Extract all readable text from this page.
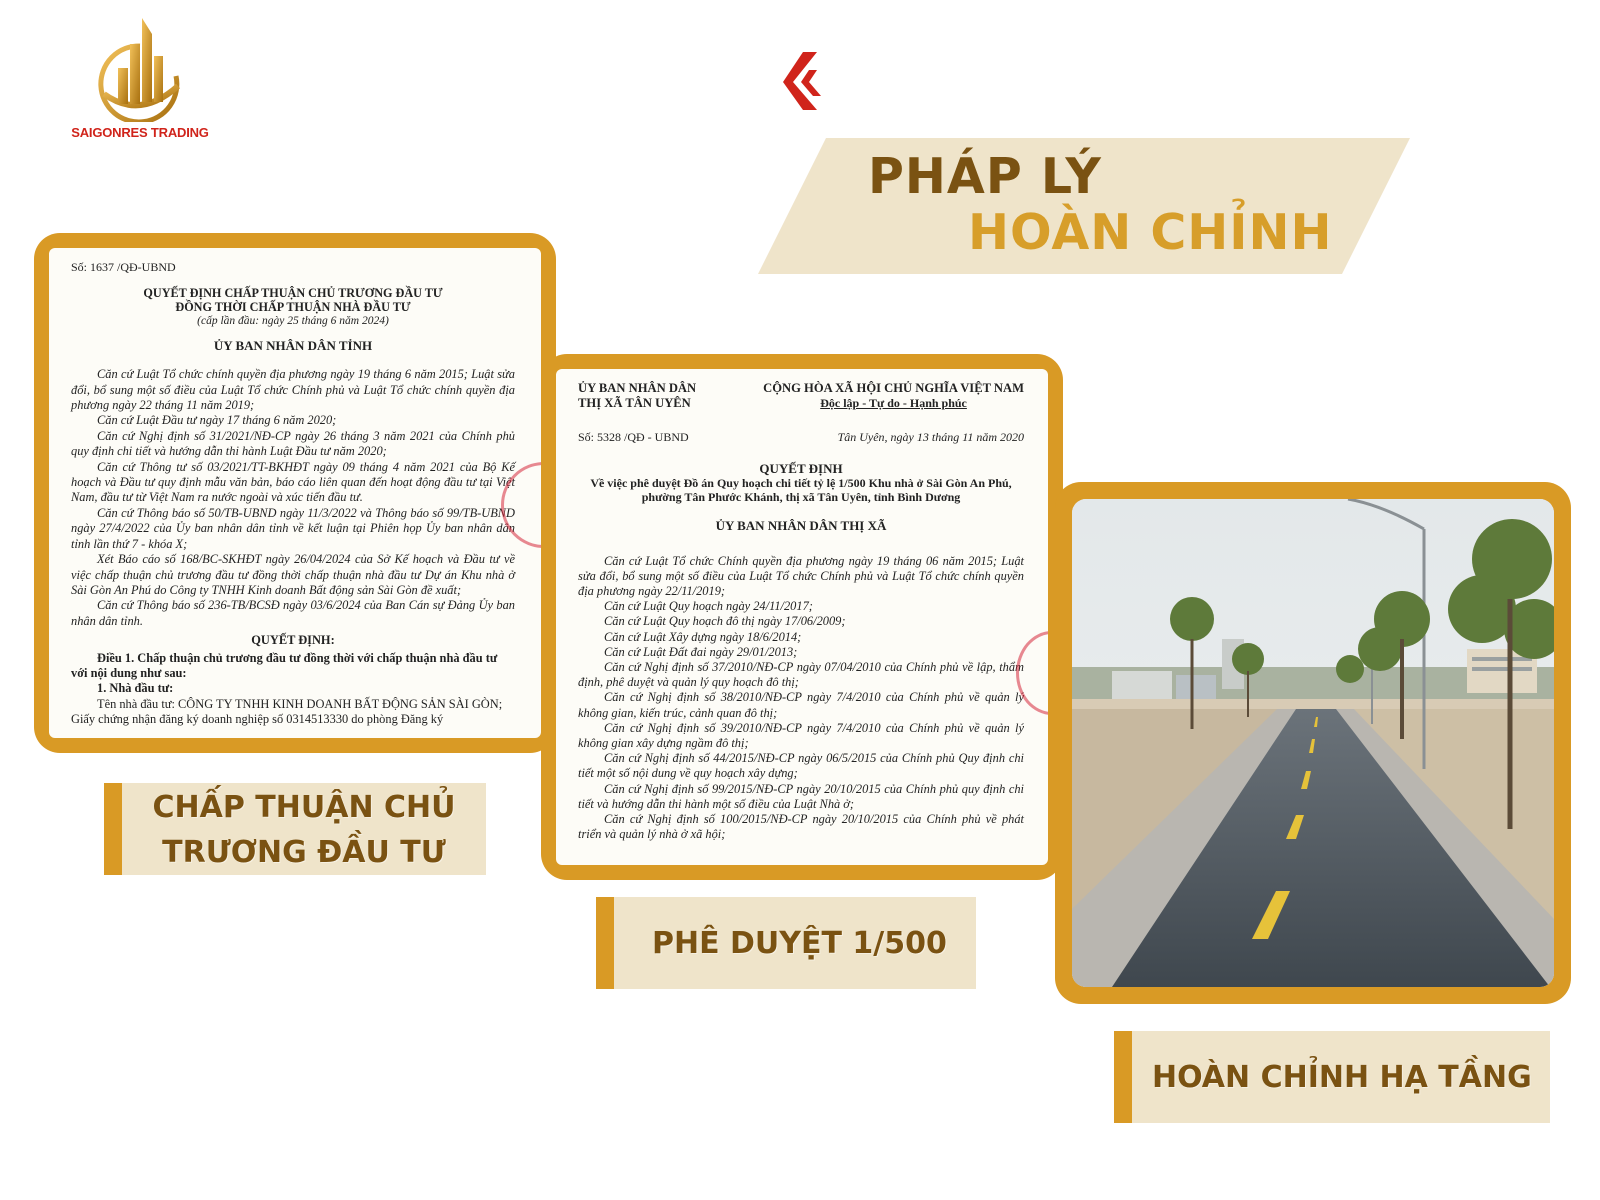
SAIGONRES TRADING
PHÁP LÝ
HOÀN CHỈNH
Số: 1637 /QĐ-UBND
QUYẾT ĐỊNH CHẤP THUẬN CHỦ TRƯƠNG ĐẦU TƯ
ĐỒNG THỜI CHẤP THUẬN NHÀ ĐẦU TƯ
(cấp lần đầu: ngày 25 tháng 6 năm 2024)
ỦY BAN NHÂN DÂN TỈNH

Căn cứ Luật Tổ chức chính quyền địa phương ngày 19 tháng 6 năm 2015; Luật sửa đổi, bổ sung một số điều của Luật Tổ chức Chính phủ và Luật Tổ chức chính quyền địa phương ngày 22 tháng 11 năm 2019;

Căn cứ Luật Đầu tư ngày 17 tháng 6 năm 2020;

Căn cứ Nghị định số 31/2021/NĐ-CP ngày 26 tháng 3 năm 2021 của Chính phủ quy định chi tiết và hướng dẫn thi hành Luật Đầu tư năm 2020;

Căn cứ Thông tư số 03/2021/TT-BKHĐT ngày 09 tháng 4 năm 2021 của Bộ Kế hoạch và Đầu tư quy định mẫu văn bản, báo cáo liên quan đến hoạt động đầu tư tại Việt Nam, đầu tư từ Việt Nam ra nước ngoài và xúc tiến đầu tư.

Căn cứ Thông báo số 50/TB-UBND ngày 11/3/2022 và Thông báo số 99/TB-UBND ngày 27/4/2022 của Ủy ban nhân dân tỉnh về kết luận tại Phiên họp Ủy ban nhân dân tỉnh lần thứ 7 - khóa X;

Xét Báo cáo số 168/BC-SKHĐT ngày 26/04/2024 của Sở Kế hoạch và Đầu tư về việc chấp thuận chủ trương đầu tư đồng thời chấp thuận nhà đầu tư Dự án Khu nhà ở Sài Gòn An Phú do Công ty TNHH Kinh doanh Bất động sản Sài Gòn đề xuất;

Căn cứ Thông báo số 236-TB/BCSĐ ngày 03/6/2024 của Ban Cán sự Đảng Ủy ban nhân dân tỉnh.

QUYẾT ĐỊNH:

Điều 1. Chấp thuận chủ trương đầu tư đồng thời với chấp thuận nhà đầu tư với nội dung như sau:

1. Nhà đầu tư:

Tên nhà đầu tư: CÔNG TY TNHH KINH DOANH BẤT ĐỘNG SẢN SÀI GÒN; Giấy chứng nhận đăng ký doanh nghiệp số 0314513330 do phòng Đăng ký

ỦY BAN NHÂN DÂN
THỊ XÃ TÂN UYÊN
CỘNG HÒA XÃ HỘI CHỦ NGHĨA VIỆT NAM
Độc lập - Tự do - Hạnh phúc
Số: 5328 /QĐ - UBND	Tân Uyên, ngày 13 tháng 11 năm 2020
QUYẾT ĐỊNH
Về việc phê duyệt Đồ án Quy hoạch chi tiết tỷ lệ 1/500 Khu nhà ở Sài Gòn An Phú, phường Tân Phước Khánh, thị xã Tân Uyên, tỉnh Bình Dương
ỦY BAN NHÂN DÂN THỊ XÃ

Căn cứ Luật Tổ chức Chính quyền địa phương ngày 19 tháng 06 năm 2015; Luật sửa đổi, bổ sung một số điều của Luật Tổ chức Chính phủ và Luật Tổ chức chính quyền địa phương ngày 22/11/2019;

Căn cứ Luật Quy hoạch ngày 24/11/2017;

Căn cứ Luật Quy hoạch đô thị ngày 17/06/2009;

Căn cứ Luật Xây dựng ngày 18/6/2014;

Căn cứ Luật Đất đai ngày 29/01/2013;

Căn cứ Nghị định số 37/2010/NĐ-CP ngày 07/04/2010 của Chính phủ về lập, thẩm định, phê duyệt và quản lý quy hoạch đô thị;

Căn cứ Nghị định số 38/2010/NĐ-CP ngày 7/4/2010 của Chính phủ về quản lý không gian, kiến trúc, cảnh quan đô thị;

Căn cứ Nghị định số 39/2010/NĐ-CP ngày 7/4/2010 của Chính phủ về quản lý không gian xây dựng ngầm đô thị;

Căn cứ Nghị định số 44/2015/NĐ-CP ngày 06/5/2015 của Chính phủ Quy định chi tiết một số nội dung về quy hoạch xây dựng;

Căn cứ Nghị định số 99/2015/NĐ-CP ngày 20/10/2015 của Chính phủ quy định chi tiết và hướng dẫn thi hành một số điều của Luật Nhà ở;

Căn cứ Nghị định số 100/2015/NĐ-CP ngày 20/10/2015 của Chính phủ về phát triển và quản lý nhà ở xã hội;

CHẤP THUẬN CHỦ TRƯƠNG ĐẦU TƯ
PHÊ DUYỆT 1/500
HOÀN CHỈNH HẠ TẦNG
